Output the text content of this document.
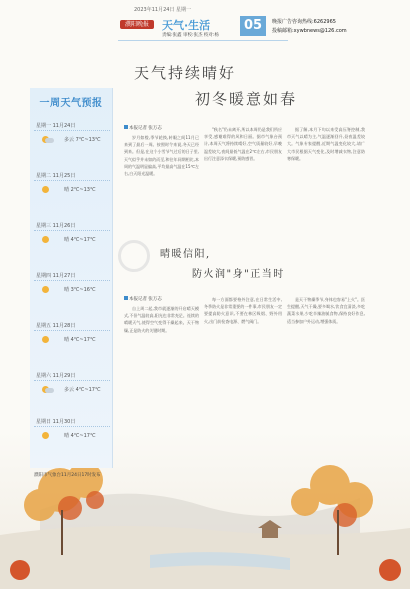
2023年11月24日 星期一
濮阳晚报	天气·生活
责编:张鑫 审校:张杰 校对:杨
05	晚报广告咨询热线:6262965
投稿邮箱:xywbnews@126.com
天气持续晴好
初冬暖意如春
本报记者 张万志
岁月如梭,季节轮换,转眼之间11月已来到了最后一周。按照时令来说,冬天已经到来。但是,在这个小雪节气过后的日子里,天气似乎并未如约而至,和往年同期相比,本周的气温明显偏高,平均最高气温在15℃左右,白天阳光温暖。
"秋名"仍未离开,所以本周仍是我们所应享受,感谢难得的风和日丽。据市气象台预计,本周天气将持续晴好,空气质量较好,早晚温差较大,夜间最低气温在2℃左右,市民朋友出行注意添衣保暖,预防感冒。
据了解,本月下旬以来受高压脊控制,我市天气以晴为主,气温逐渐回升,昼夜温差较大。气象专家提醒,近期气温变化较大,请广大市民根据天气变化,及时增减衣物,注意防寒保暖。
晴暖信阳,
防火润"身"正当时
本报记者 张万志
自上周二起,我市就逐渐的开启晴天模式,不但气温较高,阳光也非常充足。连续的晴暖天气,使得空气变得干燥起来。天干物燥,正是防火的关键时期。
每一方面都要格外注意,在日常生活中,冬季防火是非常重要的一件事,市民朋友一定要提高防火意识,不要在林区吸烟、野外用火,出门前检查电源、燃气阀门。
是天干物燥季节,身体也容易"上火"。医生提醒,天气干燥,要多喝水,饮食宜清淡,多吃蔬菜水果,少吃辛辣油腻食物,保持良好作息,适当参加户外运动,增强体质。
一周天气预报
星期一 11月24日
多云 7℃~13℃
星期二 11月25日
晴 2℃~13℃
星期三 11月26日
晴 4℃~17℃
星期四 11月27日
晴 3℃~16℃
星期五 11月28日
晴 4℃~17℃
星期六 11月29日
多云 4℃~17℃
星期日 11月30日
晴 4℃~17℃
濮阳市气象台11月24日17时发布
